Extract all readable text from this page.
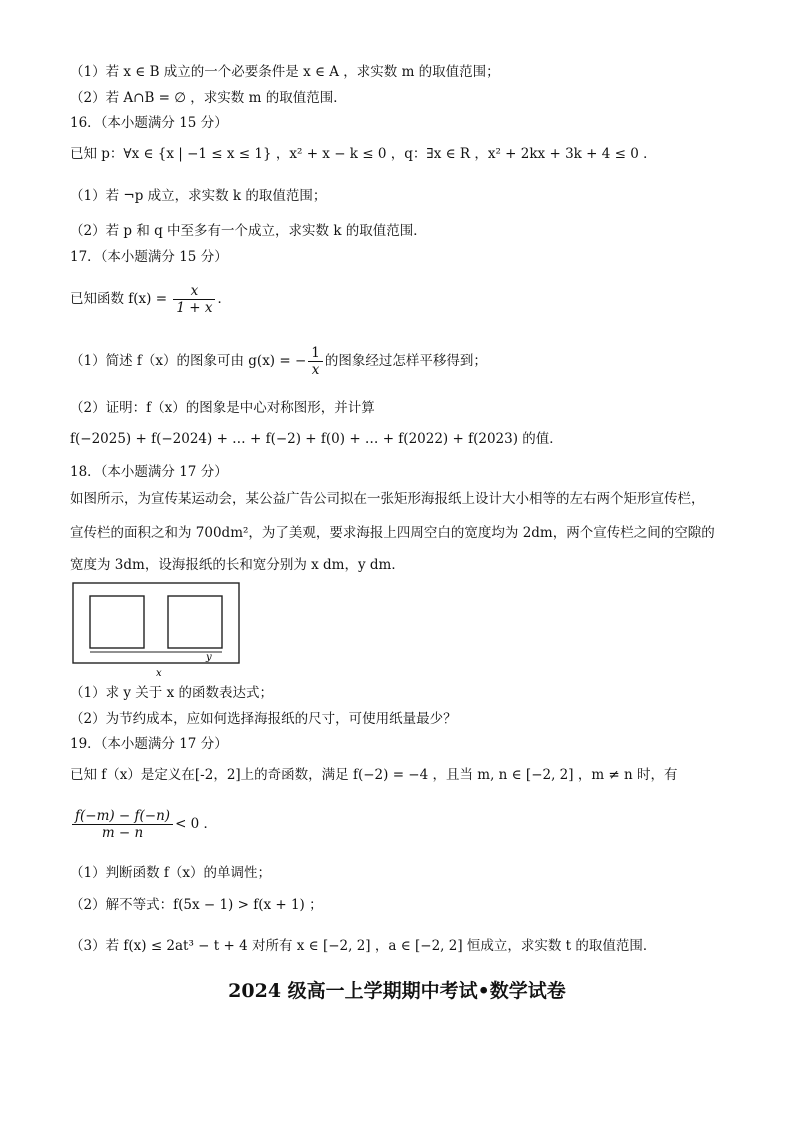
（1）若 x ∈ B 成立的一个必要条件是 x ∈ A ，求实数 m 的取值范围；
（2）若 A∩B = ∅ ，求实数 m 的取值范围．
16．（本小题满分 15 分）
已知 p：∀x ∈ {x | −1 ≤ x ≤ 1} ，x² + x − k ≤ 0 ，q：∃x ∈ R ，x² + 2kx + 3k + 4 ≤ 0 ．
（1）若 ¬p 成立，求实数 k 的取值范围；
（2）若 p 和 q 中至多有一个成立，求实数 k 的取值范围．
17．（本小题满分 15 分）
已知函数 $f(x) = \frac{x}{1 + x}$ ．
（1）简述 f（x）的图象可由 g(x) = − $\frac{1}{x}$ 的图象经过怎样平移得到；
（2）证明：f（x）的图象是中心对称图形，并计算
f(−2025) + f(−2024) + … + f(−2) + f(0) + … + f(2022) + f(2023) 的值．
18．（本小题满分 17 分）
如图所示，为宣传某运动会，某公益广告公司拟在一张矩形海报纸上设计大小相等的左右两个矩形宣传栏，
宣传栏的面积之和为 700dm²，为了美观，要求海报上四周空白的宽度均为 2dm，两个宣传栏之间的空隙的
宽度为 3dm，设海报纸的长和宽分别为 x dm，y dm．
x
y
（1）求 y 关于 x 的函数表达式；
（2）为节约成本，应如何选择海报纸的尺寸，可使用纸量最少？
19．（本小题满分 17 分）
已知 f（x）是定义在[-2，2]上的奇函数，满足 f(−2) = −4 ，且当 m, n ∈ [−2, 2] ，m ≠ n 时，有
$\frac{f(-m) - f(-n)}{m - n} < 0$ ．
（1）判断函数 f（x）的单调性；
（2）解不等式：f(5x − 1) > f(x + 1) ；
（3）若 f(x) ≤ 2at³ − t + 4 对所有 x ∈ [−2, 2] ，a ∈ [−2, 2] 恒成立，求实数 t 的取值范围．
2024 级高一上学期期中考试•数学试卷
